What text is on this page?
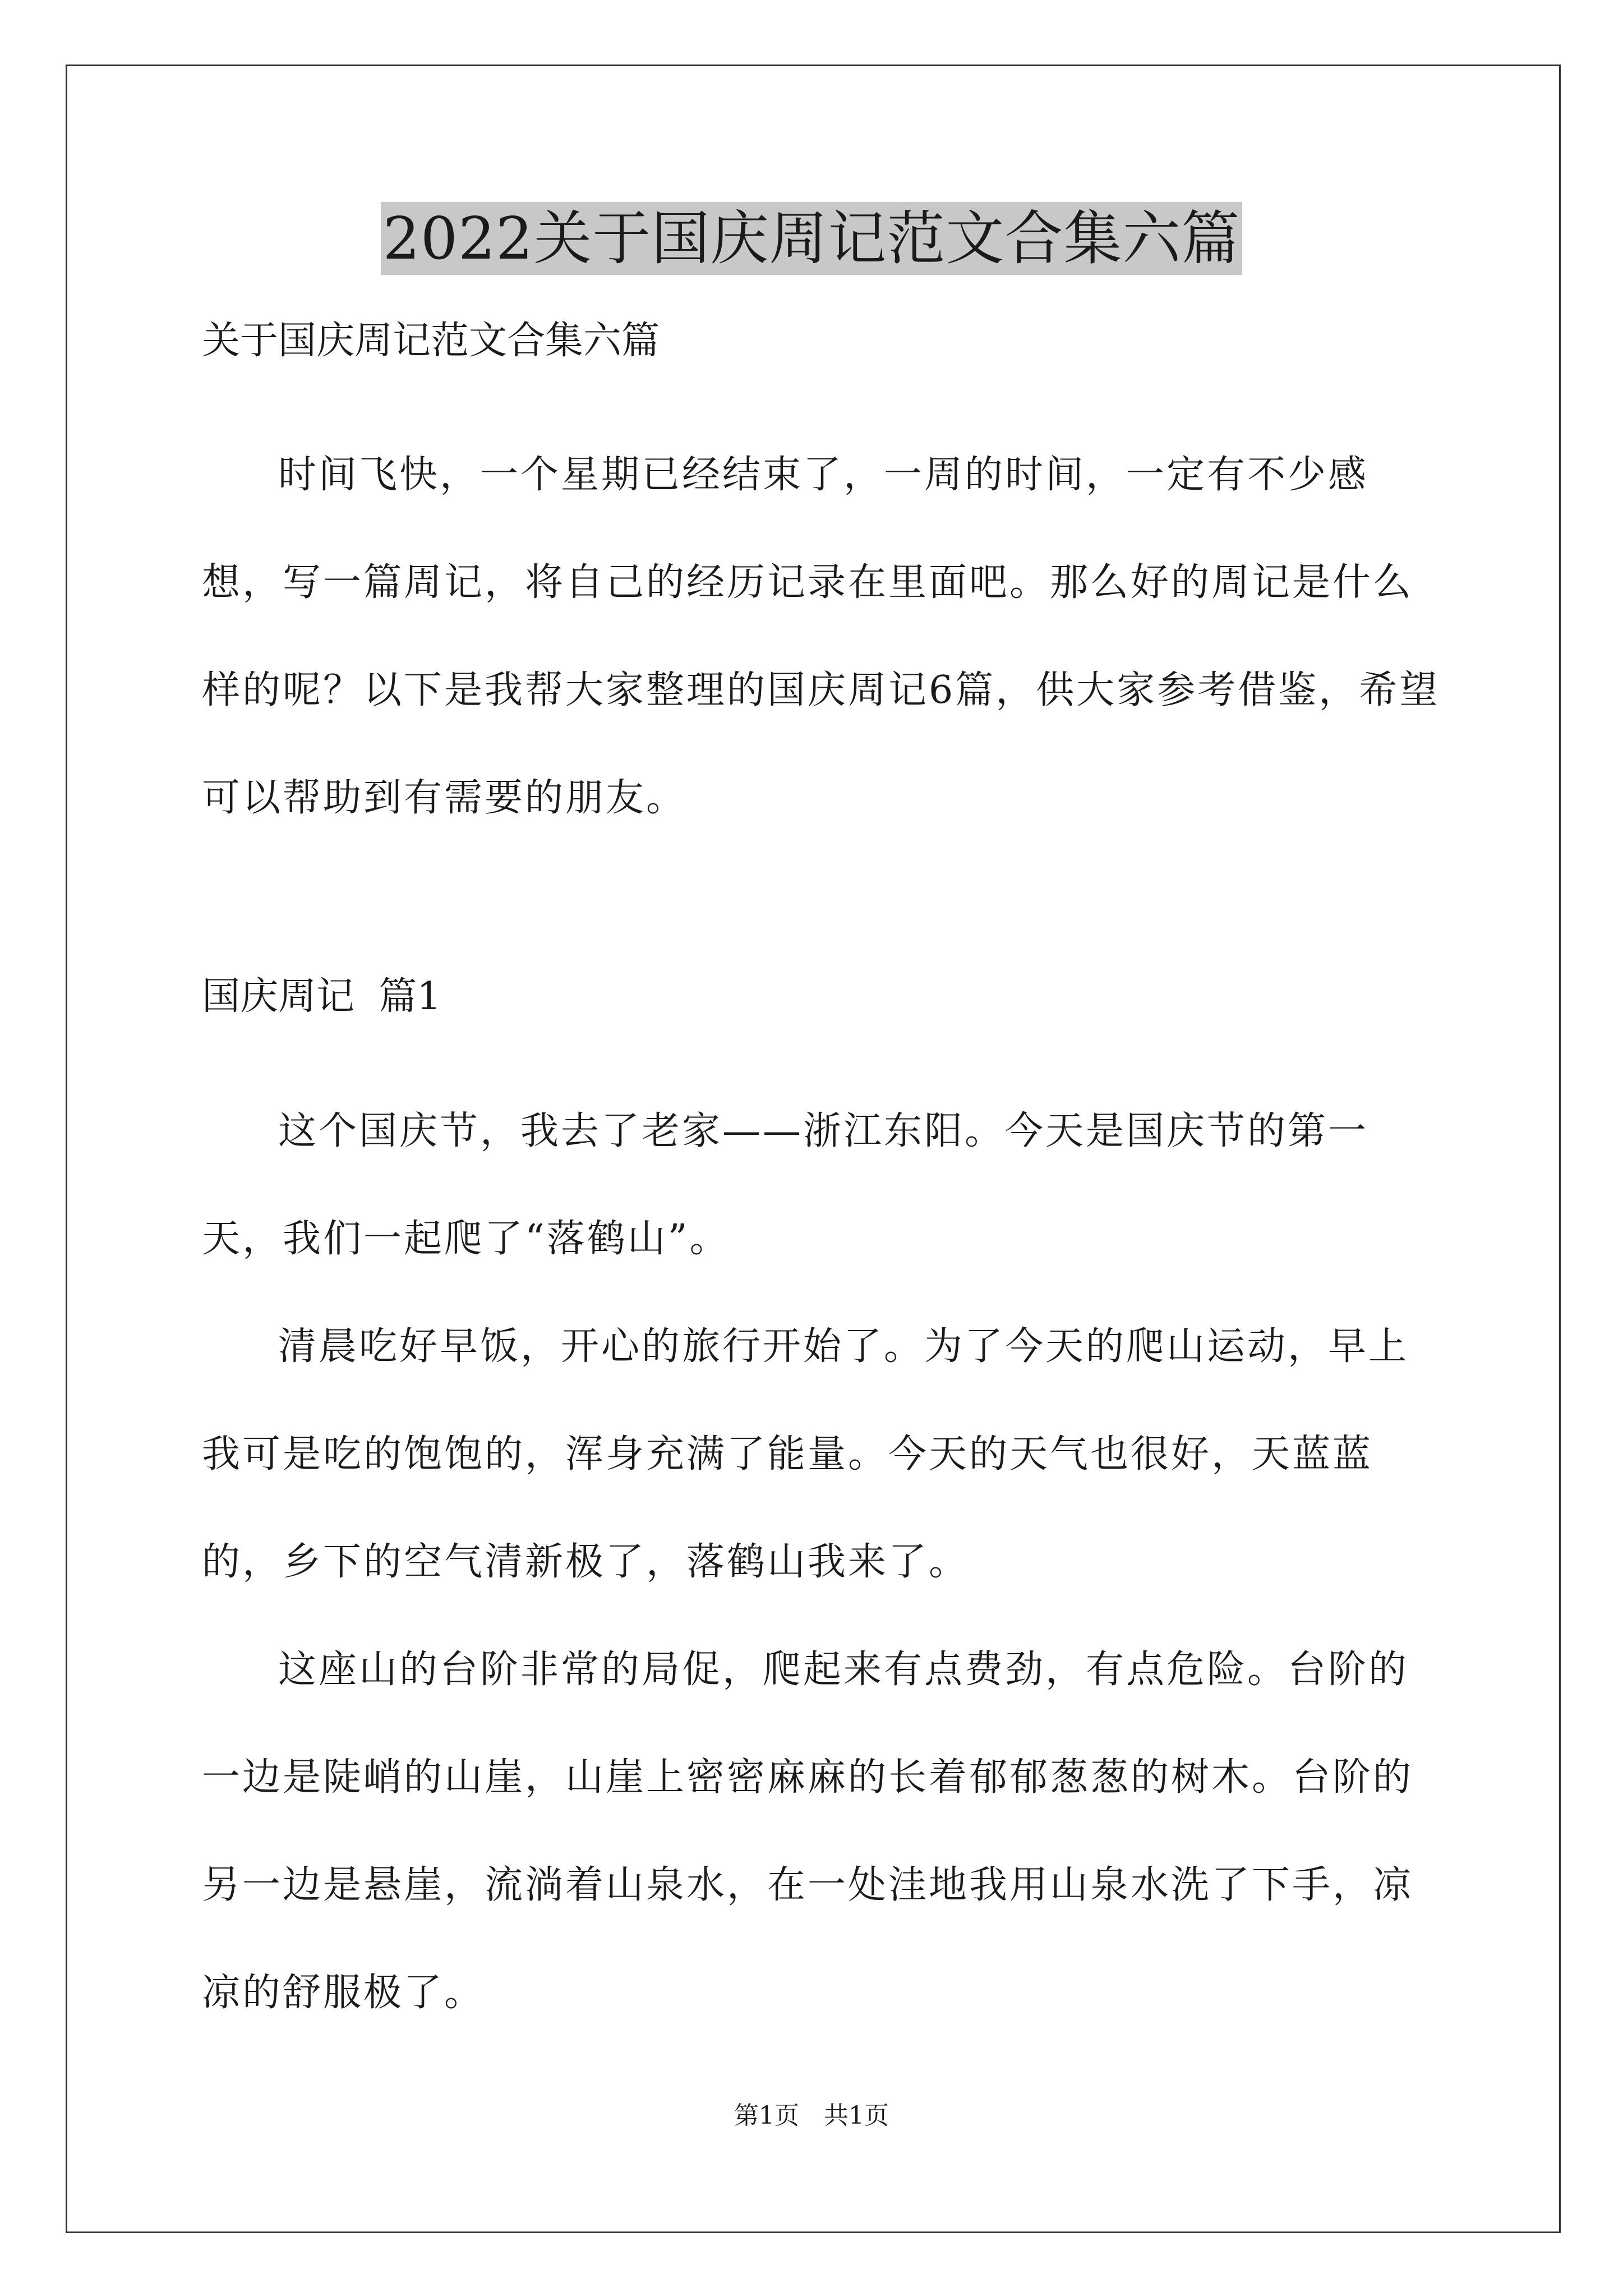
2022关于国庆周记范文合集六篇

关于国庆周记范文合集六篇

时间飞快，一个星期已经结束了，一周的时间，一定有不少感想，写一篇周记，将自己的经历记录在里面吧。那么好的周记是什么样的呢？以下是我帮大家整理的国庆周记6篇，供大家参考借鉴，希望可以帮助到有需要的朋友。

国庆周记  篇1

这个国庆节，我去了老家——浙江东阳。今天是国庆节的第一天，我们一起爬了“落鹤山”。

清晨吃好早饭，开心的旅行开始了。为了今天的爬山运动，早上我可是吃的饱饱的，浑身充满了能量。今天的天气也很好，天蓝蓝的，乡下的空气清新极了，落鹤山我来了。

这座山的台阶非常的局促，爬起来有点费劲，有点危险。台阶的一边是陡峭的山崖，山崖上密密麻麻的长着郁郁葱葱的树木。台阶的另一边是悬崖，流淌着山泉水，在一处洼地我用山泉水洗了下手，凉凉的舒服极了。

第1页 共1页
